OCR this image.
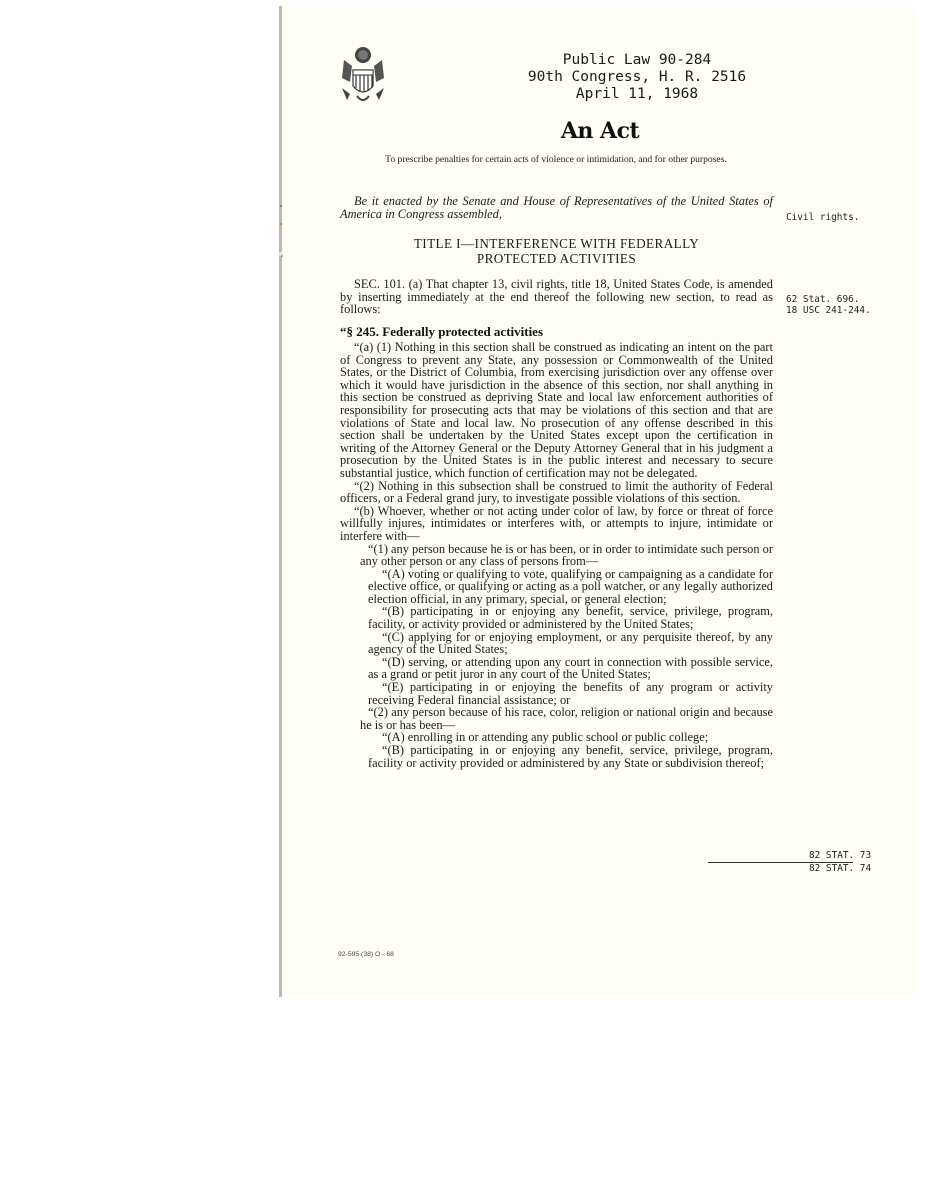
Public Law 90-284
90th Congress, H. R. 2516
April 11, 1968
An Act
To prescribe penalties for certain acts of violence or intimidation, and for other purposes.
Be it enacted by the Senate and House of Representatives of the United States of America in Congress assembled,	Civil rights.
TITLE I—INTERFERENCE WITH FEDERALLY
PROTECTED ACTIVITIES
SEC. 101. (a) That chapter 13, civil rights, title 18, United States Code, is amended by inserting immediately at the end thereof the following new section, to read as follows:
62 Stat. 696.
18 USC 241-244.
“§ 245. Federally protected activities

“(a) (1) Nothing in this section shall be construed as indicating an intent on the part of Congress to prevent any State, any possession or Commonwealth of the United States, or the District of Columbia, from exercising jurisdiction over any offense over which it would have jurisdiction in the absence of this section, nor shall anything in this section be construed as depriving State and local law enforcement authorities of responsibility for prosecuting acts that may be violations of this section and that are violations of State and local law. No prosecution of any offense described in this section shall be undertaken by the United States except upon the certification in writing of the Attorney General or the Deputy Attorney General that in his judgment a prosecution by the United States is in the public interest and necessary to secure substantial justice, which function of certification may not be delegated.

“(2) Nothing in this subsection shall be construed to limit the authority of Federal officers, or a Federal grand jury, to investigate possible violations of this section.

“(b) Whoever, whether or not acting under color of law, by force or threat of force willfully injures, intimidates or interferes with, or attempts to injure, intimidate or interfere with—

“(1) any person because he is or has been, or in order to intimidate such person or any other person or any class of persons from—

“(A) voting or qualifying to vote, qualifying or campaigning as a candidate for elective office, or qualifying or acting as a poll watcher, or any legally authorized election official, in any primary, special, or general election;

“(B) participating in or enjoying any benefit, service, privilege, program, facility, or activity provided or administered by the United States;

“(C) applying for or enjoying employment, or any perquisite thereof, by any agency of the United States;

“(D) serving, or attending upon any court in connection with possible service, as a grand or petit juror in any court of the United States;

“(E) participating in or enjoying the benefits of any program or activity receiving Federal financial assistance; or

“(2) any person because of his race, color, religion or national origin and because he is or has been—

“(A) enrolling in or attending any public school or public college;

“(B) participating in or enjoying any benefit, service, privilege, program, facility or activity provided or administered by any State or subdivision thereof;

82 STAT. 73
82 STAT. 74
92-595 (38) O - 68
